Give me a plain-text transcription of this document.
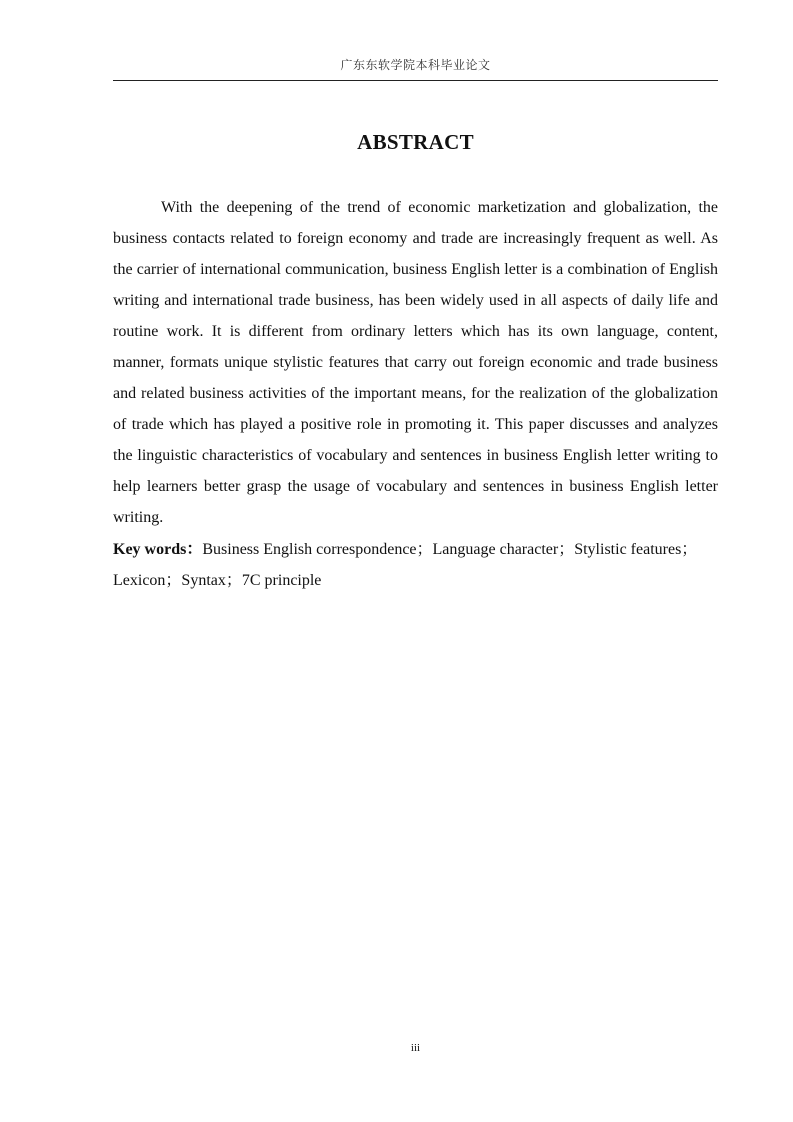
广东东软学院本科毕业论文
ABSTRACT

With the deepening of the trend of economic marketization and globalization, the business contacts related to foreign economy and trade are increasingly frequent as well. As the carrier of international communication, business English letter is a combination of English writing and international trade business, has been widely used in all aspects of daily life and routine work. It is different from ordinary letters which has its own language, content, manner, formats unique stylistic features that carry out foreign economic and trade business and related business activities of the important means, for the realization of the globalization of trade which has played a positive role in promoting it. This paper discusses and analyzes the linguistic characteristics of vocabulary and sentences in business English letter writing to help learners better grasp the usage of vocabulary and sentences in business English letter writing.

Key words：Business English correspondence；Language character；Stylistic features；Lexicon；Syntax；7C principle

iii
